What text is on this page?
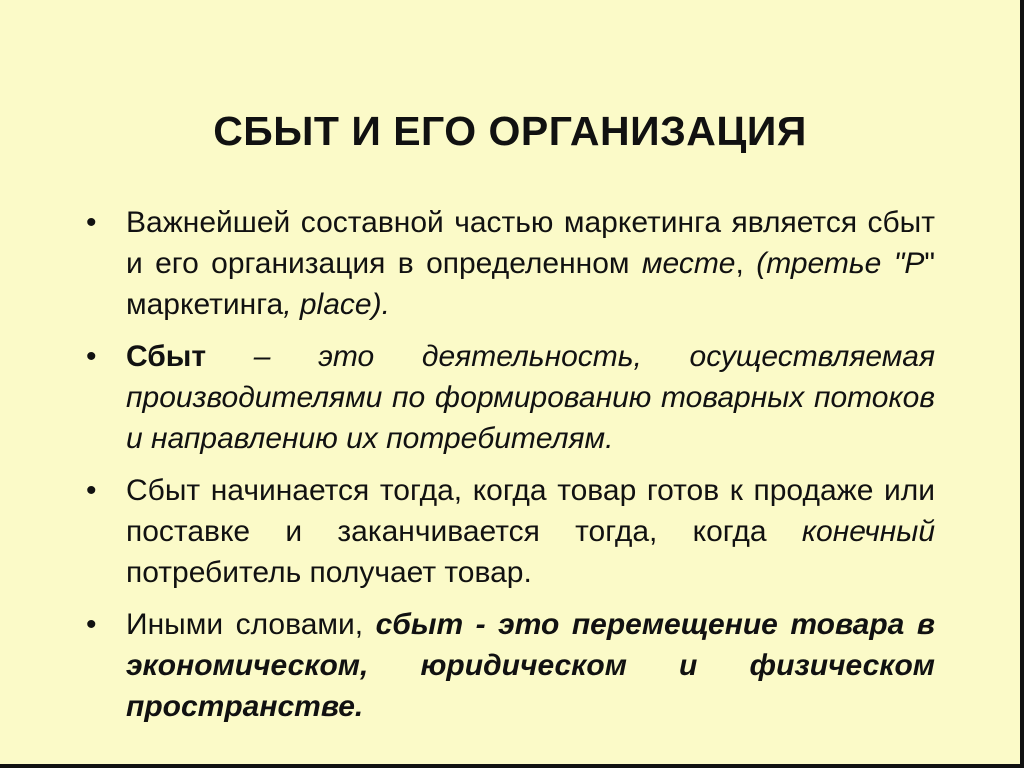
СБЫТ И ЕГО ОРГАНИЗАЦИЯ
• Важнейшей составной частью маркетинга является сбыт и его организация в определенном месте, (третье "Р" маркетинга, place).
• Сбыт – это деятельность, осуществляемая производителями по формированию товарных потоков и направлению их потребителям.
• Сбыт начинается тогда, когда товар готов к продаже или поставке и заканчивается тогда, когда конечный потребитель получает товар.
• Иными словами, сбыт - это перемещение товара в экономическом, юридическом и физическом пространстве.
